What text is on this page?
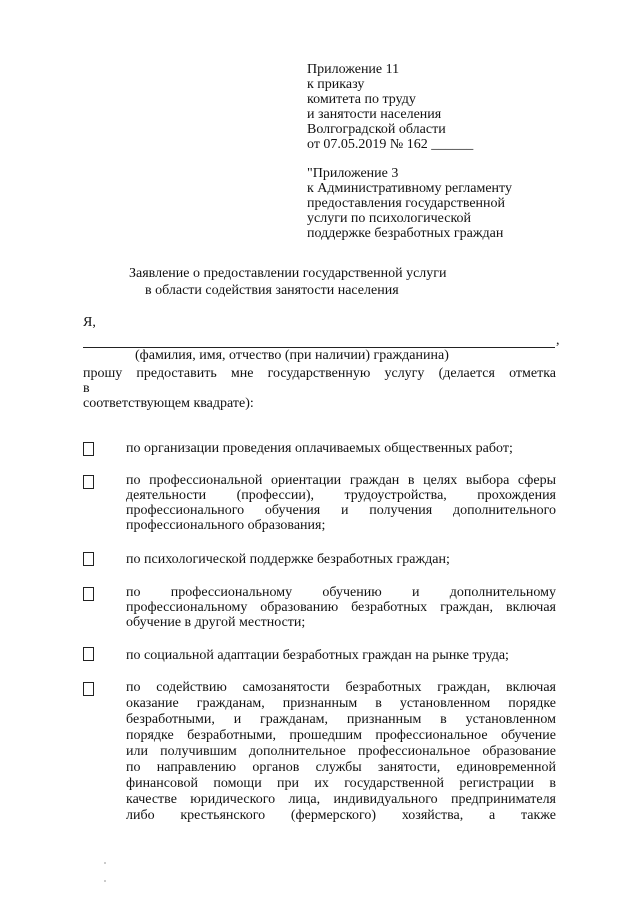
Приложение 11
к приказу
комитета по труду
и занятости населения
Волгоградской области
от 07.05.2019 № 162 ______
"Приложение 3
к Административному регламенту
предоставления государственной
услуги по психологической
поддержке безработных граждан
Заявление о предоставлении государственной услуги
в области содействия занятости населения
Я,
,
(фамилия, имя, отчество (при наличии) гражданина)
прошу предоставить мне государственную услугу (делается отметка
в
соответствующем квадрате):
по организации проведения оплачиваемых общественных работ;
по профессиональной ориентации граждан в целях выбора сферы
деятельности (профессии), трудоустройства, прохождения
профессионального обучения и получения дополнительного
профессионального образования;
по психологической поддержке безработных граждан;
по профессиональному обучению и дополнительному
профессиональному образованию безработных граждан, включая
обучение в другой местности;
по социальной адаптации безработных граждан на рынке труда;
по содействию самозанятости безработных граждан, включая
оказание гражданам, признанным в установленном порядке
безработными, и гражданам, признанным в установленном
порядке безработными, прошедшим профессиональное обучение
или получившим дополнительное профессиональное образование
по направлению органов службы занятости, единовременной
финансовой помощи при их государственной регистрации в
качестве юридического лица, индивидуального предпринимателя
либо крестьянского (фермерского) хозяйства, а также
